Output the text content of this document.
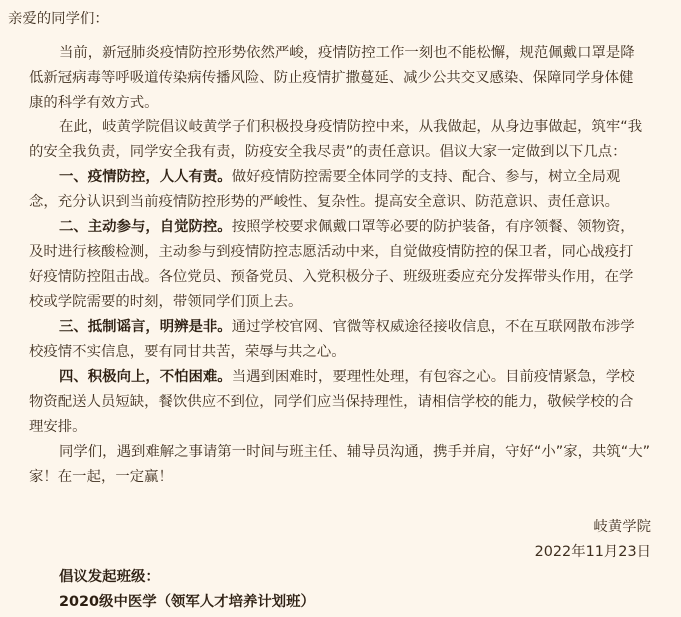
亲爱的同学们：
当前，新冠肺炎疫情防控形势依然严峻，疫情防控工作一刻也不能松懈，规范佩戴口罩是降
低新冠病毒等呼吸道传染病传播风险、防止疫情扩撒蔓延、减少公共交叉感染、保障同学身体健
康的科学有效方式。
在此，岐黄学院倡议岐黄学子们积极投身疫情防控中来，从我做起，从身边事做起，筑牢“我
的安全我负责，同学安全我有责，防疫安全我尽责”的责任意识。倡议大家一定做到以下几点：
一、疫情防控，人人有责。做好疫情防控需要全体同学的支持、配合、参与，树立全局观
念，充分认识到当前疫情防控形势的严峻性、复杂性。提高安全意识、防范意识、责任意识。
二、主动参与，自觉防控。按照学校要求佩戴口罩等必要的防护装备，有序领餐、领物资，
及时进行核酸检测，主动参与到疫情防控志愿活动中来，自觉做疫情防控的保卫者，同心战疫打
好疫情防控阻击战。各位党员、预备党员、入党积极分子、班级班委应充分发挥带头作用，在学
校或学院需要的时刻，带领同学们顶上去。
三、抵制谣言，明辨是非。通过学校官网、官微等权威途径接收信息，不在互联网散布涉学
校疫情不实信息，要有同甘共苦，荣辱与共之心。
四、积极向上，不怕困难。当遇到困难时，要理性处理，有包容之心。目前疫情紧急，学校
物资配送人员短缺，餐饮供应不到位，同学们应当保持理性，请相信学校的能力，敬候学校的合
理安排。
同学们，遇到难解之事请第一时间与班主任、辅导员沟通，携手并肩，守好“小”家，共筑“大”
家！在一起，一定赢！
岐黄学院
2022年11月23日
倡议发起班级：
2020级中医学（领军人才培养计划班）
